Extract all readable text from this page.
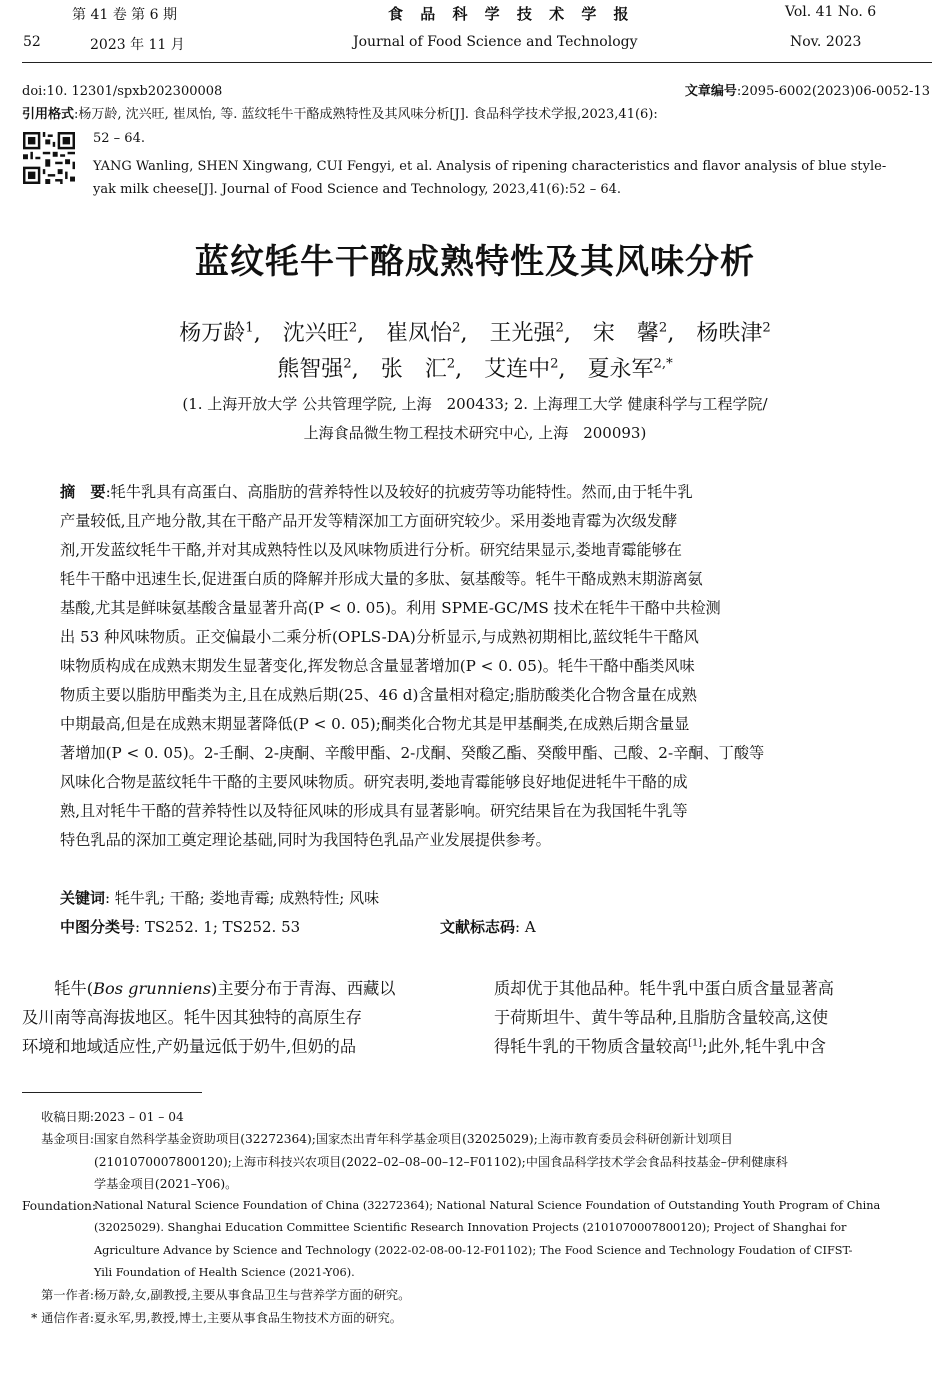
第 41 卷 第 6 期	食 品 科 学 技 术 学 报	Vol. 41 No. 6
52	2023 年 11 月	Journal of Food Science and Technology	Nov. 2023
doi:10. 12301/spxb202300008	文章编号:2095-6002(2023)06-0052-13
引用格式:杨万龄, 沈兴旺, 崔凤怡, 等. 蓝纹牦牛干酪成熟特性及其风味分析[J]. 食品科学技术学报,2023,41(6):
52 – 64.
YANG Wanling, SHEN Xingwang, CUI Fengyi, et al. Analysis of ripening characteristics and flavor analysis of blue style-
yak milk cheese[J]. Journal of Food Science and Technology, 2023,41(6):52 – 64.
蓝纹牦牛干酪成熟特性及其风味分析
杨万龄$^1$, 沈兴旺$^2$, 崔凤怡$^2$, 王光强$^2$, 宋　馨$^2$, 杨昳津$^2$
熊智强$^2$, 张　汇$^2$, 艾连中$^2$, 夏永军$^{2,*}$
(1. 上海开放大学 公共管理学院, 上海　200433; 2. 上海理工大学 健康科学与工程学院/
上海食品微生物工程技术研究中心, 上海　200093)
摘　要:牦牛乳具有高蛋白、高脂肪的营养特性以及较好的抗疲劳等功能特性。然而,由于牦牛乳
产量较低,且产地分散,其在干酪产品开发等精深加工方面研究较少。采用娄地青霉为次级发酵
剂,开发蓝纹牦牛干酪,并对其成熟特性以及风味物质进行分析。研究结果显示,娄地青霉能够在
牦牛干酪中迅速生长,促进蛋白质的降解并形成大量的多肽、氨基酸等。牦牛干酪成熟末期游离氨
基酸,尤其是鲜味氨基酸含量显著升高(P < 0. 05)。利用 SPME-GC/MS 技术在牦牛干酪中共检测
出 53 种风味物质。正交偏最小二乘分析(OPLS-DA)分析显示,与成熟初期相比,蓝纹牦牛干酪风
味物质构成在成熟末期发生显著变化,挥发物总含量显著增加(P < 0. 05)。牦牛干酪中酯类风味
物质主要以脂肪甲酯类为主,且在成熟后期(25、46 d)含量相对稳定;脂肪酸类化合物含量在成熟
中期最高,但是在成熟末期显著降低(P < 0. 05);酮类化合物尤其是甲基酮类,在成熟后期含量显
著增加(P < 0. 05)。2-壬酮、2-庚酮、辛酸甲酯、2-戊酮、癸酸乙酯、癸酸甲酯、己酸、2-辛酮、丁酸等
风味化合物是蓝纹牦牛干酪的主要风味物质。研究表明,娄地青霉能够良好地促进牦牛干酪的成
熟,且对牦牛干酪的营养特性以及特征风味的形成具有显著影响。研究结果旨在为我国牦牛乳等
特色乳品的深加工奠定理论基础,同时为我国特色乳品产业发展提供参考。
关键词: 牦牛乳; 干酪; 娄地青霉; 成熟特性; 风味
中图分类号: TS252. 1; TS252. 53	文献标志码: A
　　牦牛(Bos grunniens)主要分布于青海、西藏以
及川南等高海拔地区。牦牛因其独特的高原生存
环境和地域适应性,产奶量远低于奶牛,但奶的品
质却优于其他品种。牦牛乳中蛋白质含量显著高
于荷斯坦牛、黄牛等品种,且脂肪含量较高,这使
得牦牛乳的干物质含量较高[1];此外,牦牛乳中含
收稿日期: 2023 – 01 – 04
基金项目: 国家自然科学基金资助项目(32272364);国家杰出青年科学基金项目(32025029);上海市教育委员会科研创新计划项目
(2101070007800120);上海市科技兴农项目(2022–02–08–00–12–F01102);中国食品科学技术学会食品科技基金–伊利健康科
学基金项目(2021–Y06)。
Foundation:
National Natural Science Foundation of China (32272364); National Natural Science Foundation of Outstanding Youth Program of China
(32025029). Shanghai Education Committee Scientific Research Innovation Projects (2101070007800120); Project of Shanghai for
Agriculture Advance by Science and Technology (2022-02-08-00-12-F01102); The Food Science and Technology Foudation of CIFST-
Yili Foundation of Health Science (2021-Y06).
第一作者: 杨万龄,女,副教授,主要从事食品卫生与营养学方面的研究。
* 通信作者: 夏永军,男,教授,博士,主要从事食品生物技术方面的研究。
